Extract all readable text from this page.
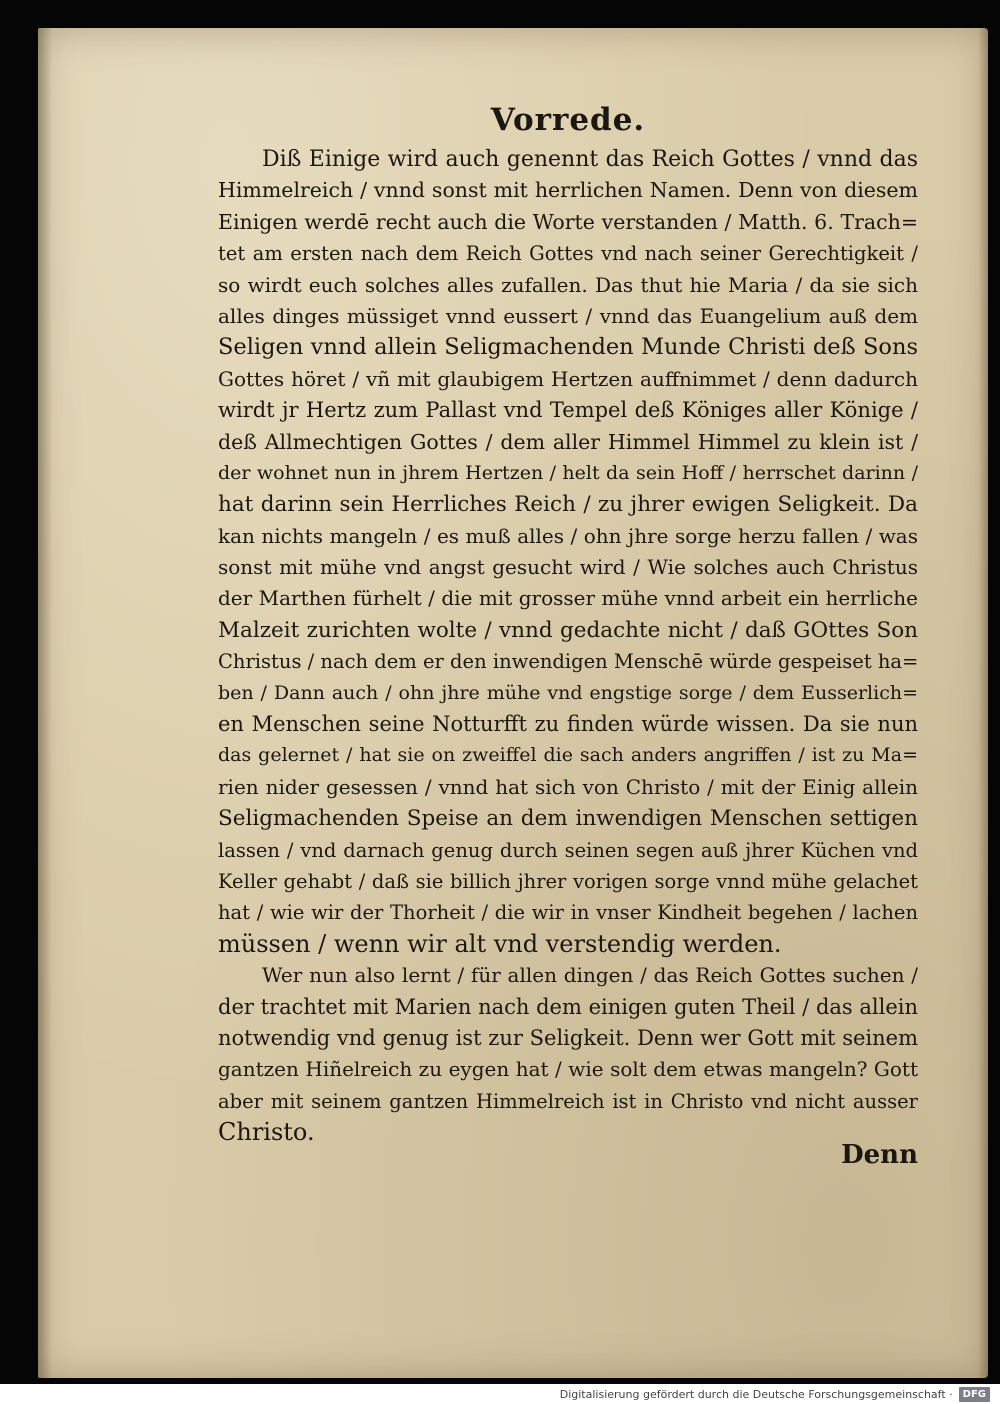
Vorrede.
Diß Einige wird auch genennt das Reich Gottes / vnnd das
Himmelreich / vnnd sonst mit herrlichen Namen. Denn von diesem
Einigen werdē recht auch die Worte verstanden / Matth. 6. Trach=
tet am ersten nach dem Reich Gottes vnd nach seiner Gerechtigkeit /
so wirdt euch solches alles zufallen. Das thut hie Maria / da sie sich
alles dinges müssiget vnnd eussert / vnnd das Euangelium auß dem
Seligen vnnd allein Seligmachenden Munde Christi deß Sons
Gottes höret / vñ mit glaubigem Hertzen auffnimmet / denn dadurch
wirdt jr Hertz zum Pallast vnd Tempel deß Königes aller Könige /
deß Allmechtigen Gottes / dem aller Himmel Himmel zu klein ist /
der wohnet nun in jhrem Hertzen / helt da sein Hoff / herrschet darinn /
hat darinn sein Herrliches Reich / zu jhrer ewigen Seligkeit. Da
kan nichts mangeln / es muß alles / ohn jhre sorge herzu fallen / was
sonst mit mühe vnd angst gesucht wird / Wie solches auch Christus
der Marthen fürhelt / die mit grosser mühe vnnd arbeit ein herrliche
Malzeit zurichten wolte / vnnd gedachte nicht / daß GOttes Son
Christus / nach dem er den inwendigen Menschē würde gespeiset ha=
ben / Dann auch / ohn jhre mühe vnd engstige sorge / dem Eusserlich=
en Menschen seine Notturfft zu finden würde wissen. Da sie nun
das gelernet / hat sie on zweiffel die sach anders angriffen / ist zu Ma=
rien nider gesessen / vnnd hat sich von Christo / mit der Einig allein
Seligmachenden Speise an dem inwendigen Menschen settigen
lassen / vnd darnach genug durch seinen segen auß jhrer Küchen vnd
Keller gehabt / daß sie billich jhrer vorigen sorge vnnd mühe gelachet
hat / wie wir der Thorheit / die wir in vnser Kindheit begehen / lachen
müssen / wenn wir alt vnd verstendig werden.
Wer nun also lernt / für allen dingen / das Reich Gottes suchen /
der trachtet mit Marien nach dem einigen guten Theil / das allein
notwendig vnd genug ist zur Seligkeit. Denn wer Gott mit seinem
gantzen Hiñelreich zu eygen hat / wie solt dem etwas mangeln? Gott
aber mit seinem gantzen Himmelreich ist in Christo vnd nicht ausser
Christo.
Denn
Digitalisierung gefördert durch die Deutsche Forschungsgemeinschaft ·	DFG
